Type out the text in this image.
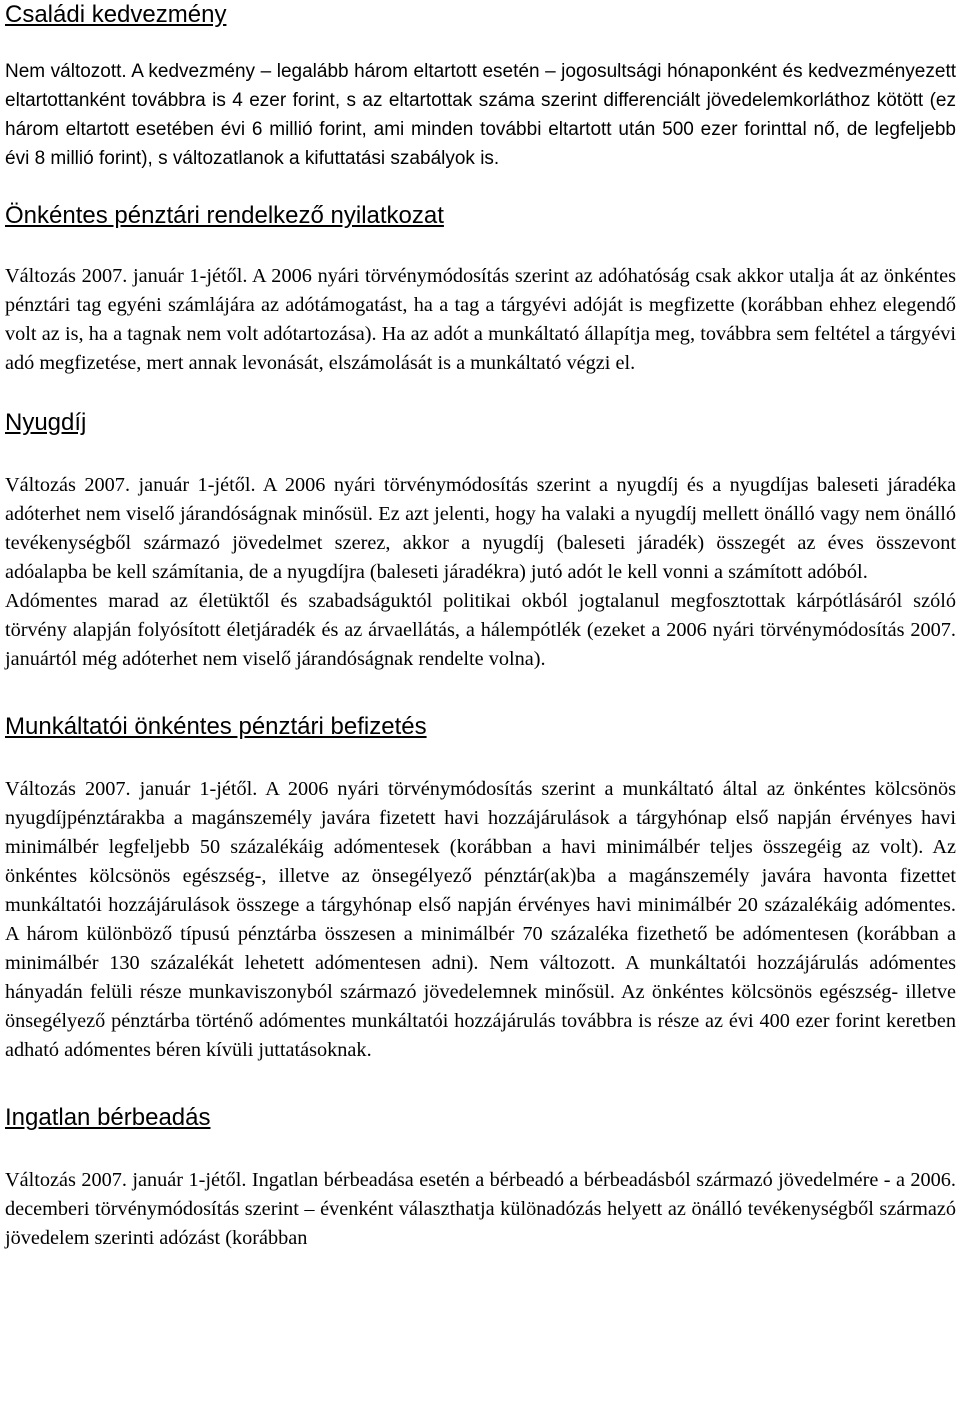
Családi kedvezmény

Nem változott. A kedvezmény – legalább három eltartott esetén – jogosultsági hónaponként és kedvezményezett eltartottanként továbbra is 4 ezer forint, s az eltartottak száma szerint differenciált jövedelemkorláthoz kötött (ez három eltartott esetében évi 6 millió forint, ami minden további eltartott után 500 ezer forinttal nő, de legfeljebb évi 8 millió forint), s változatlanok a kifuttatási szabályok is.

Önkéntes pénztári rendelkező nyilatkozat

Változás 2007. január 1-jétől. A 2006 nyári törvénymódosítás szerint az adóhatóság csak akkor utalja át az önkéntes pénztári tag egyéni számlájára az adótámogatást, ha a tag a tárgyévi adóját is megfizette (korábban ehhez elegendő volt az is, ha a tagnak nem volt adótartozása). Ha az adót a munkáltató állapítja meg, továbbra sem feltétel a tárgyévi adó megfizetése, mert annak levonását, elszámolását is a munkáltató végzi el.

Nyugdíj

Változás 2007. január 1-jétől. A 2006 nyári törvénymódosítás szerint a nyugdíj és a nyugdíjas baleseti járadéka adóterhet nem viselő járandóságnak minősül. Ez azt jelenti, hogy ha valaki a nyugdíj mellett önálló vagy nem önálló tevékenységből származó jövedelmet szerez, akkor a nyugdíj (baleseti járadék) összegét az éves összevont adóalapba be kell számítania, de a nyugdíjra (baleseti járadékra) jutó adót le kell vonni a számított adóból.

Adómentes marad az életüktől és szabadságuktól politikai okból jogtalanul megfosztottak kárpótlásáról szóló törvény alapján folyósított életjáradék és az árvaellátás, a hálempótlék (ezeket a 2006 nyári törvénymódosítás 2007. januártól még adóterhet nem viselő járandóságnak rendelte volna).

Munkáltatói önkéntes pénztári befizetés

Változás 2007. január 1-jétől. A 2006 nyári törvénymódosítás szerint a munkáltató által az önkéntes kölcsönös nyugdíjpénztárakba a magánszemély javára fizetett havi hozzájárulások a tárgyhónap első napján érvényes havi minimálbér legfeljebb 50 százalékáig adómentesek (korábban a havi minimálbér teljes összegéig az volt). Az önkéntes kölcsönös egészség-, illetve az önsegélyező pénztár(ak)ba a magánszemély javára havonta fizettet munkáltatói hozzájárulások összege a tárgyhónap első napján érvényes havi minimálbér 20 százalékáig adómentes. A három különböző típusú pénztárba összesen a minimálbér 70 százaléka fizethető be adómentesen (korábban a minimálbér 130 százalékát lehetett adómentesen adni). Nem változott. A munkáltatói hozzájárulás adómentes hányadán felüli része munkaviszonyból származó jövedelemnek minősül. Az önkéntes kölcsönös egészség- illetve önsegélyező pénztárba történő adómentes munkáltatói hozzájárulás továbbra is része az évi 400 ezer forint keretben adható adómentes béren kívüli juttatásoknak.

Ingatlan bérbeadás

Változás 2007. január 1-jétől. Ingatlan bérbeadása esetén a bérbeadó a bérbeadásból származó jövedelmére - a 2006. decemberi törvénymódosítás szerint – évenként választhatja különadózás helyett az önálló tevékenységből származó jövedelem szerinti adózást (korábban
